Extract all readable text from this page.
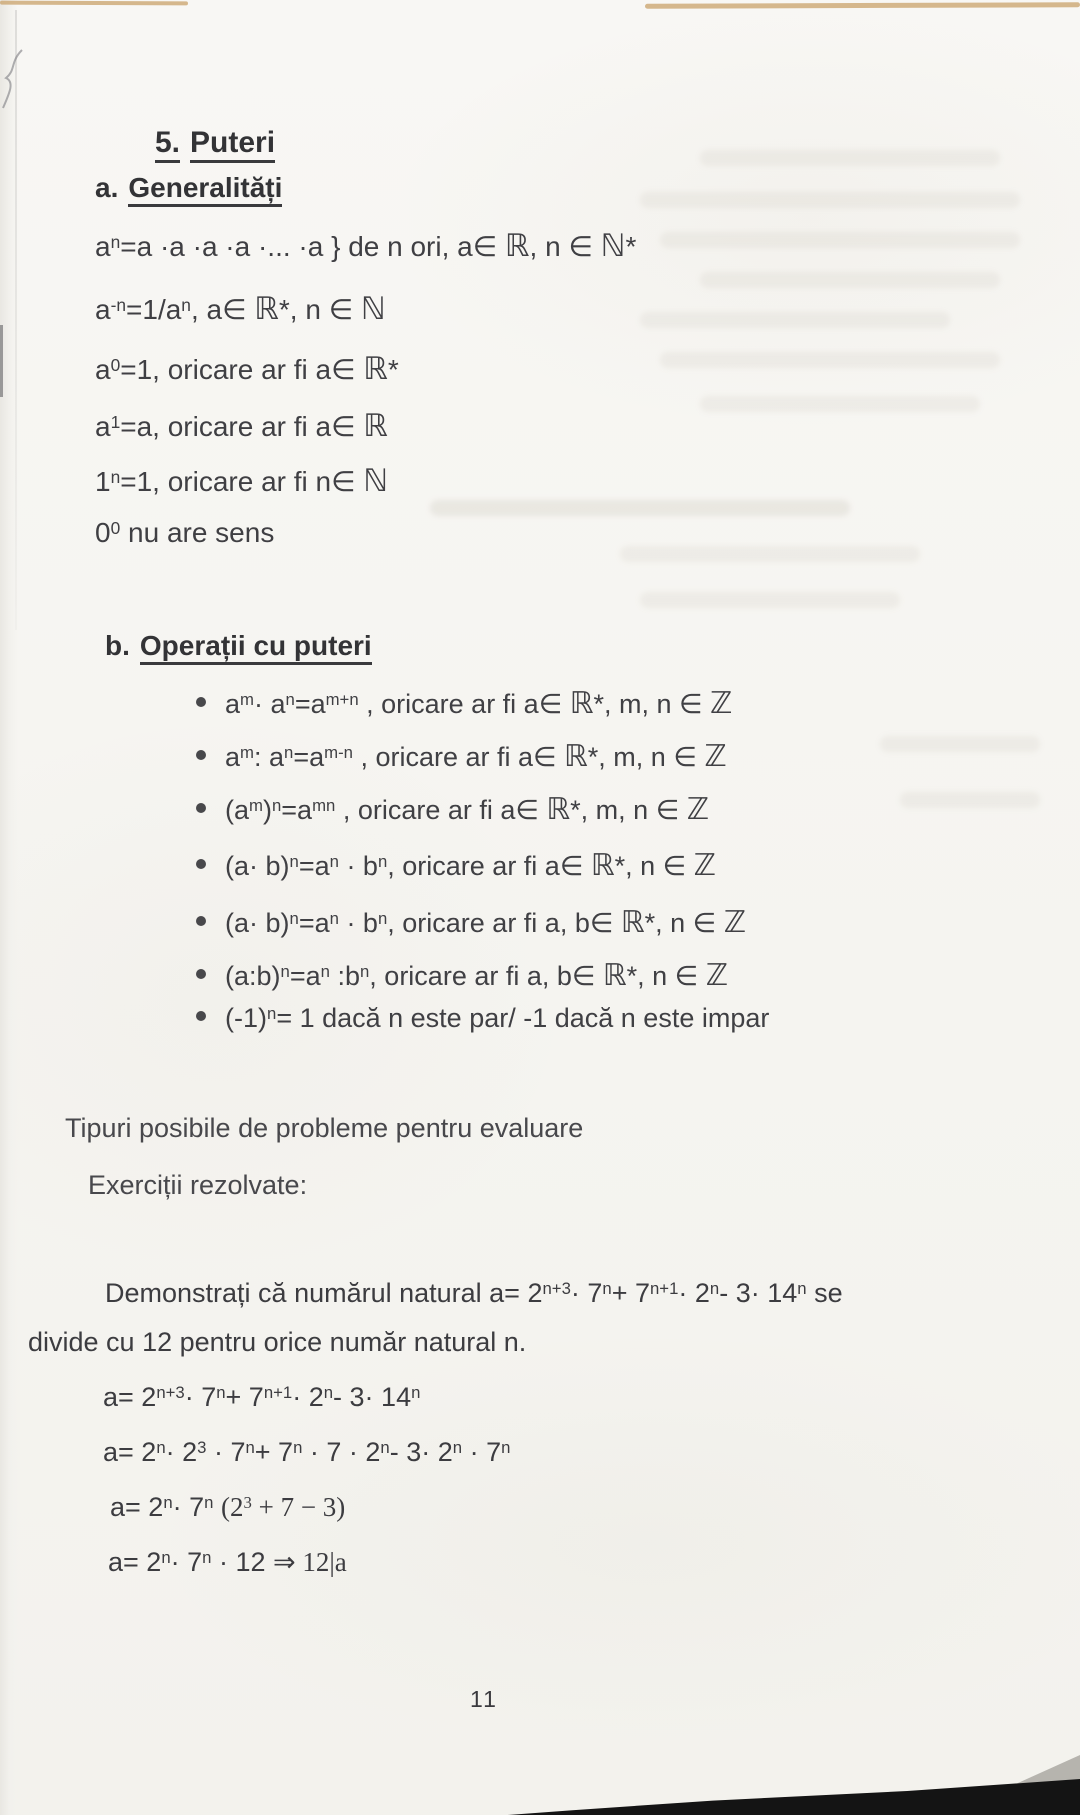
5. Puteri
a. Generalități
$a^n=a \cdot a \cdot a \cdot a$ ·... ·a } de n ori, a∈ ℝ, n ∈ ℕ*
$a^{-n}=1/a^n$, a∈ ℝ*, n ∈ ℕ
$a^0=1$, oricare ar fi a∈ ℝ*
$a^1=a$, oricare ar fi a∈ ℝ
$1^n=1$, oricare ar fi n∈ ℕ
$0^0$ nu are sens
b. Operații cu puteri
$a^m\cdot a^n=a^{m+n}$ , oricare ar fi a∈ ℝ*, m, n ∈ ℤ
$a^m$: $a^n=a^{m-n}$ , oricare ar fi a∈ ℝ*, m, n ∈ ℤ
$(a^m)^n=a^{mn}$ , oricare ar fi a∈ ℝ*, m, n ∈ ℤ
$(a\cdot b)^n=a^n \cdot b^n$, oricare ar fi a∈ ℝ*, n ∈ ℤ
$(a\cdot b)^n=a^n \cdot b^n$, oricare ar fi a, b∈ ℝ*, n ∈ ℤ
$(a:b)^n=a^n$ $:b^n$, oricare ar fi a, b∈ ℝ*, n ∈ ℤ
$(-1)^n= 1$ dacă n este par/ -1 dacă n este impar
Tipuri posibile de probleme pentru evaluare
Exerciții rezolvate:
Demonstrați că numărul natural $a= 2^{n+3}\cdot 7^n+ 7^{n+1}\cdot 2^n-$ $3\cdot 14^n$ se
divide cu 12 pentru orice număr natural n.
$a= 2^{n+3}\cdot 7^n+ 7^{n+1}\cdot 2^n-$ $3\cdot 14^n$
$a= 2^n\cdot 2^3 \cdot 7^n+ 7^n \cdot 7 \cdot 2^n-$ $3\cdot 2^n \cdot 7^n$
$a= 2^n\cdot 7^n$ $(2^3 + 7 - 3)$
$a= 2^n\cdot 7^n \cdot 12$ ⇒ 12|a
11
